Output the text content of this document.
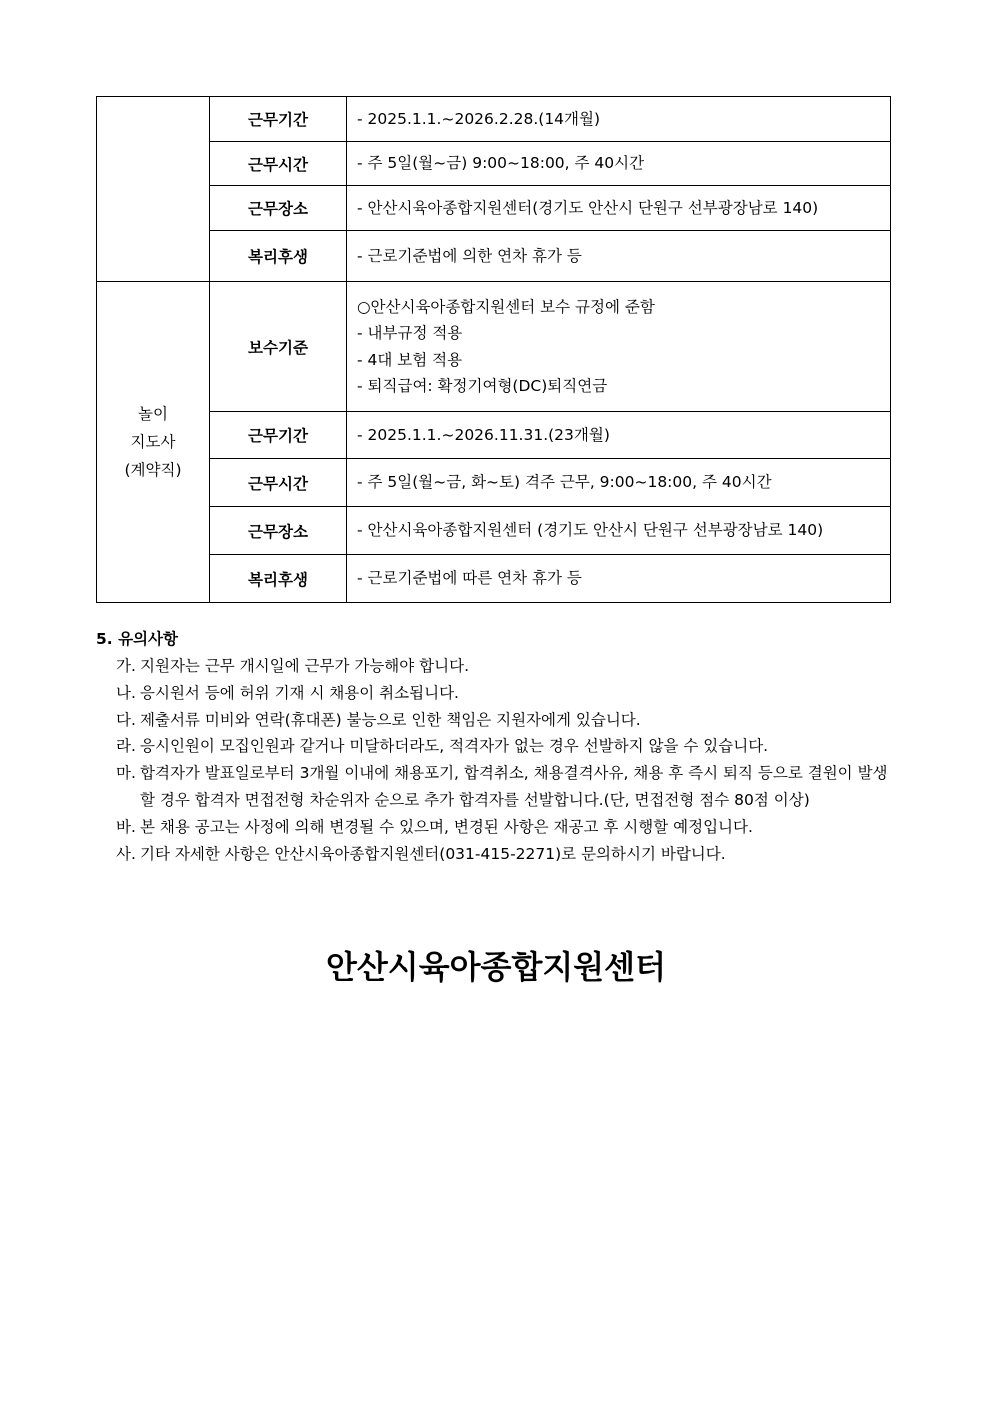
	근무기간	- 2025.1.1.~2026.2.28.(14개월)

	근무시간	- 주 5일(월~금) 9:00~18:00, 주 40시간

	근무장소	- 안산시육아종합지원센터(경기도 안산시 단원구 선부광장남로 140)

	복리후생	- 근로기준법에 의한 연차 휴가 등

놀이
지도사
(계약직)	보수기준	○안산시육아종합지원센터 보수 규정에 준함
- 내부규정 적용
- 4대 보험 적용
- 퇴직급여: 확정기여형(DC)퇴직연금

	근무기간	- 2025.1.1.~2026.11.31.(23개월)

	근무시간	- 주 5일(월~금, 화~토) 격주 근무, 9:00~18:00, 주 40시간

	근무장소	- 안산시육아종합지원센터 (경기도 안산시 단원구 선부광장남로 140)

	복리후생	- 근로기준법에 따른 연차 휴가 등
5. 유의사항
가. 지원자는 근무 개시일에 근무가 가능해야 합니다.
나. 응시원서 등에 허위 기재 시 채용이 취소됩니다.
다. 제출서류 미비와 연락(휴대폰) 불능으로 인한 책임은 지원자에게 있습니다.
라. 응시인원이 모집인원과 같거나 미달하더라도, 적격자가 없는 경우 선발하지 않을 수 있습니다.
마. 합격자가 발표일로부터 3개월 이내에 채용포기, 합격취소, 채용결격사유, 채용 후 즉시 퇴직 등으로 결원이 발생할 경우 합격자 면접전형 차순위자 순으로 추가 합격자를 선발합니다.(단, 면접전형 점수 80점 이상)
바. 본 채용 공고는 사정에 의해 변경될 수 있으며, 변경된 사항은 재공고 후 시행할 예정입니다.
사. 기타 자세한 사항은 안산시육아종합지원센터(031-415-2271)로 문의하시기 바랍니다.
안산시육아종합지원센터
